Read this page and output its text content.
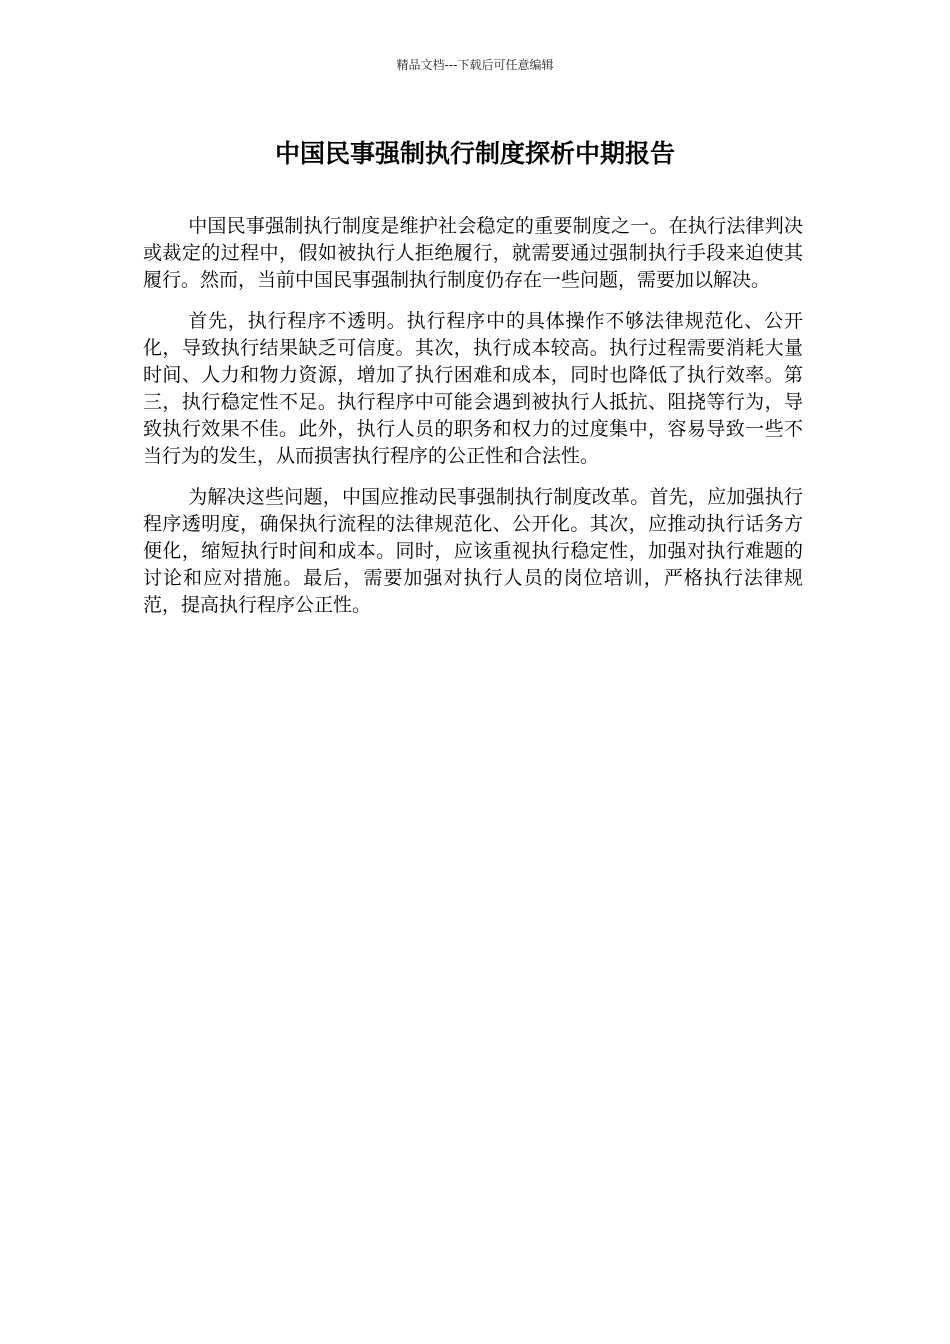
精品文档---下载后可任意编辑
中国民事强制执行制度探析中期报告

中国民事强制执行制度是维护社会稳定的重要制度之一。在执行法律判决或裁定的过程中，假如被执行人拒绝履行，就需要通过强制执行手段来迫使其履行。然而，当前中国民事强制执行制度仍存在一些问题，需要加以解决。

首先，执行程序不透明。执行程序中的具体操作不够法律规范化、公开化，导致执行结果缺乏可信度。其次，执行成本较高。执行过程需要消耗大量时间、人力和物力资源，增加了执行困难和成本，同时也降低了执行效率。第三，执行稳定性不足。执行程序中可能会遇到被执行人抵抗、阻挠等行为，导致执行效果不佳。此外，执行人员的职务和权力的过度集中，容易导致一些不当行为的发生，从而损害执行程序的公正性和合法性。

为解决这些问题，中国应推动民事强制执行制度改革。首先，应加强执行程序透明度，确保执行流程的法律规范化、公开化。其次，应推动执行话务方便化，缩短执行时间和成本。同时，应该重视执行稳定性，加强对执行难题的讨论和应对措施。最后，需要加强对执行人员的岗位培训，严格执行法律规范，提高执行程序公正性。
